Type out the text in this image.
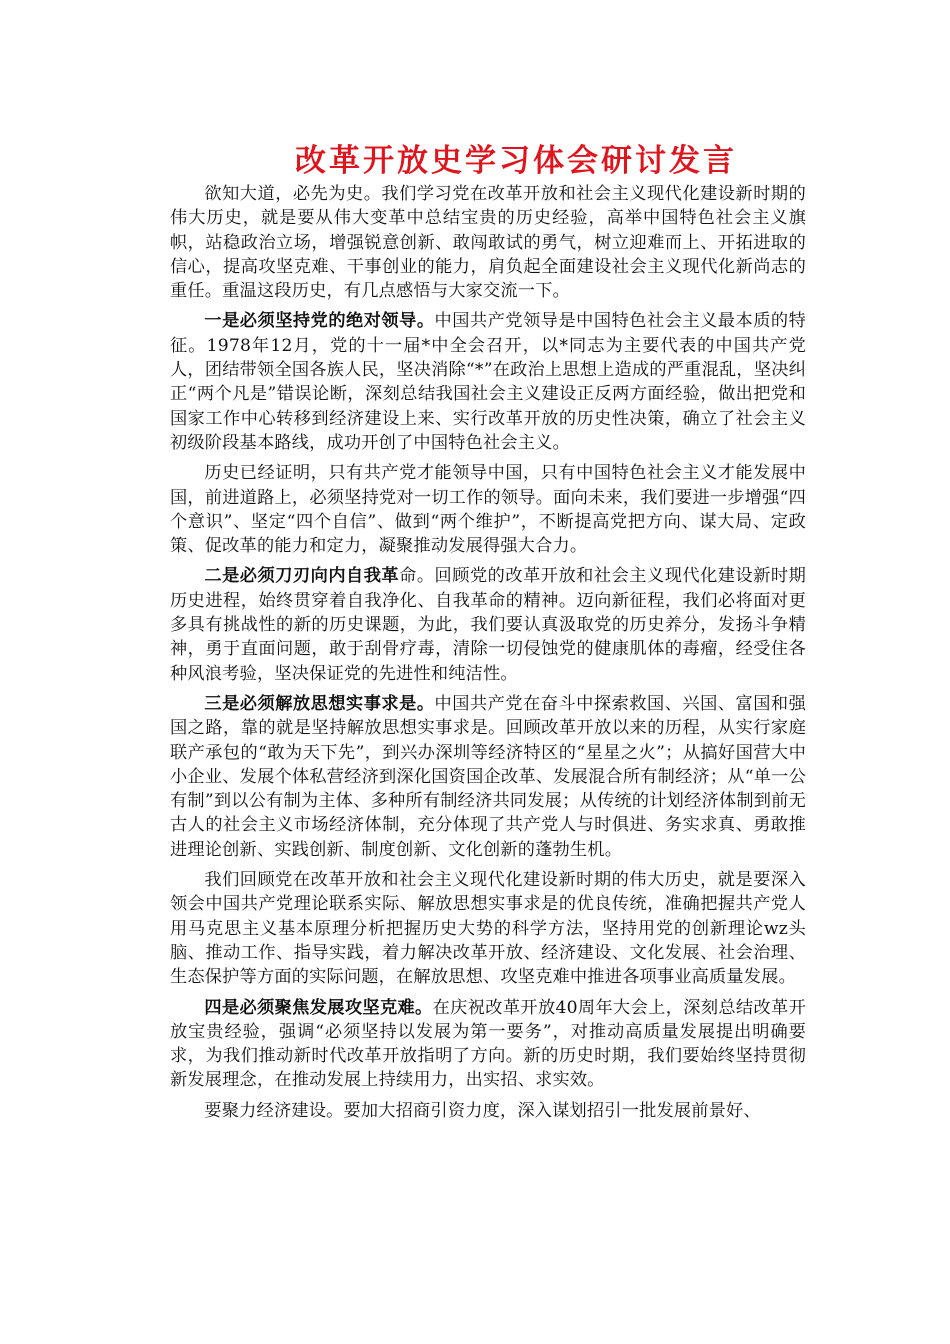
改革开放史学习体会研讨发言

欲知大道，必先为史。我们学习党在改革开放和社会主义现代化建设新时期的伟大历史，就是要从伟大变革中总结宝贵的历史经验，高举中国特色社会主义旗帜，站稳政治立场，增强锐意创新、敢闯敢试的勇气，树立迎难而上、开拓进取的信心，提高攻坚克难、干事创业的能力，肩负起全面建设社会主义现代化新尚志的重任。重温这段历史，有几点感悟与大家交流一下。

一是必须坚持党的绝对领导。中国共产党领导是中国特色社会主义最本质的特征。1978年12月，党的十一届*中全会召开，以*同志为主要代表的中国共产党人，团结带领全国各族人民，坚决消除“*”在政治上思想上造成的严重混乱，坚决纠正“两个凡是”错误论断，深刻总结我国社会主义建设正反两方面经验，做出把党和国家工作中心转移到经济建设上来、实行改革开放的历史性决策，确立了社会主义初级阶段基本路线，成功开创了中国特色社会主义。

历史已经证明，只有共产党才能领导中国，只有中国特色社会主义才能发展中国，前进道路上，必须坚持党对一切工作的领导。面向未来，我们要进一步增强“四个意识”、坚定“四个自信”、做到“两个维护”，不断提高党把方向、谋大局、定政策、促改革的能力和定力，凝聚推动发展得强大合力。

二是必须刀刃向内自我革命。回顾党的改革开放和社会主义现代化建设新时期历史进程，始终贯穿着自我净化、自我革命的精神。迈向新征程，我们必将面对更多具有挑战性的新的历史课题，为此，我们要认真汲取党的历史养分，发扬斗争精神，勇于直面问题，敢于刮骨疗毒，清除一切侵蚀党的健康肌体的毒瘤，经受住各种风浪考验，坚决保证党的先进性和纯洁性。

三是必须解放思想实事求是。中国共产党在奋斗中探索救国、兴国、富国和强国之路，靠的就是坚持解放思想实事求是。回顾改革开放以来的历程，从实行家庭联产承包的“敢为天下先”，到兴办深圳等经济特区的“星星之火”；从搞好国营大中小企业、发展个体私营经济到深化国资国企改革、发展混合所有制经济；从“单一公有制”到以公有制为主体、多种所有制经济共同发展；从传统的计划经济体制到前无古人的社会主义市场经济体制，充分体现了共产党人与时俱进、务实求真、勇敢推进理论创新、实践创新、制度创新、文化创新的蓬勃生机。

我们回顾党在改革开放和社会主义现代化建设新时期的伟大历史，就是要深入领会中国共产党理论联系实际、解放思想实事求是的优良传统，准确把握共产党人用马克思主义基本原理分析把握历史大势的科学方法，坚持用党的创新理论wz头脑、推动工作、指导实践，着力解决改革开放、经济建设、文化发展、社会治理、生态保护等方面的实际问题，在解放思想、攻坚克难中推进各项事业高质量发展。

四是必须聚焦发展攻坚克难。在庆祝改革开放40周年大会上，深刻总结改革开放宝贵经验，强调“必须坚持以发展为第一要务”，对推动高质量发展提出明确要求，为我们推动新时代改革开放指明了方向。新的历史时期，我们要始终坚持贯彻新发展理念，在推动发展上持续用力，出实招、求实效。

要聚力经济建设。要加大招商引资力度，深入谋划招引一批发展前景好、
